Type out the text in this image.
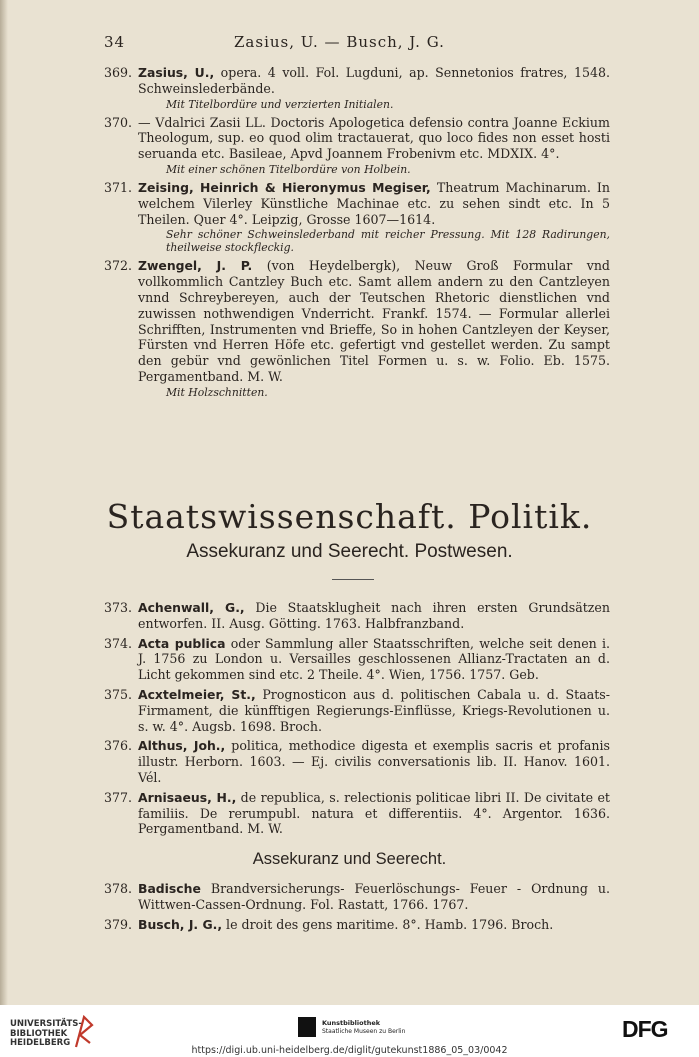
34	Zasius, U. — Busch, J. G.
369. Zasius, U., opera. 4 voll. Fol. Lugduni, ap. Sennetonios fratres, 1548. Schweinslederbände.
Mit Titelbordüre und verzierten Initialen.
370. — Vdalrici Zasii LL. Doctoris Apologetica defensio contra Joanne Eckium Theologum, sup. eo quod olim tractauerat, quo loco fides non esset hosti seruanda etc. Basileae, Apvd Joannem Frobenivm etc. MDXIX. 4°.
Mit einer schönen Titelbordüre von Holbein.
371. Zeising, Heinrich & Hieronymus Megiser, Theatrum Machinarum. In welchem Vilerley Künstliche Machinae etc. zu sehen sindt etc. In 5 Theilen. Quer 4°. Leipzig, Grosse 1607—1614.
Sehr schöner Schweinslederband mit reicher Pressung. Mit 128 Radirungen, theilweise stockfleckig.
372. Zwengel, J. P. (von Heydelbergk), Neuw Groß Formular vnd vollkommlich Cantzley Buch etc. Samt allem andern zu den Cantzleyen vnnd Schreybereyen, auch der Teutschen Rhetoric dienstlichen vnd zuwissen nothwendigen Vnderricht. Frankf. 1574. — Formular allerlei Schrifften, Instrumenten vnd Brieffe, So in hohen Cantzleyen der Keyser, Fürsten vnd Herren Höfe etc. gefertigt vnd gestellet werden. Zu sampt den gebür vnd gewönlichen Titel Formen u. s. w. Folio. Eb. 1575. Pergamentband. M. W.
Mit Holzschnitten.
Staatswissenschaft. Politik.
Assekuranz und Seerecht. Postwesen.
373. Achenwall, G., Die Staatsklugheit nach ihren ersten Grundsätzen entworfen. II. Ausg. Götting. 1763. Halbfranzband.
374. Acta publica oder Sammlung aller Staatsschriften, welche seit denen i. J. 1756 zu London u. Versailles geschlossenen Allianz-Tractaten an d. Licht gekommen sind etc. 2 Theile. 4°. Wien, 1756. 1757. Geb.
375. Acxtelmeier, St., Prognosticon aus d. politischen Cabala u. d. Staats-Firmament, die künfftigen Regierungs-Einflüsse, Kriegs-Revolutionen u. s. w. 4°. Augsb. 1698. Broch.
376. Althus, Joh., politica, methodice digesta et exemplis sacris et profanis illustr. Herborn. 1603. — Ej. civilis conversationis lib. II. Hanov. 1601. Vél.
377. Arnisaeus, H., de republica, s. relectionis politicae libri II. De civitate et familiis. De rerumpubl. natura et differentiis. 4°. Argentor. 1636. Pergamentband. M. W.
Assekuranz und Seerecht.
378. Badische Brandversicherungs- Feuerlöschungs- Feuer - Ordnung u. Wittwen-Cassen-Ordnung. Fol. Rastatt, 1766. 1767.
379. Busch, J. G., le droit des gens maritime. 8°. Hamb. 1796. Broch.
UNIVERSITÄTS-
BIBLIOTHEK
HEIDELBERG
Kunstbibliothek
Staatliche Museen zu Berlin	DFG
https://digi.ub.uni-heidelberg.de/diglit/gutekunst1886_05_03/0042
